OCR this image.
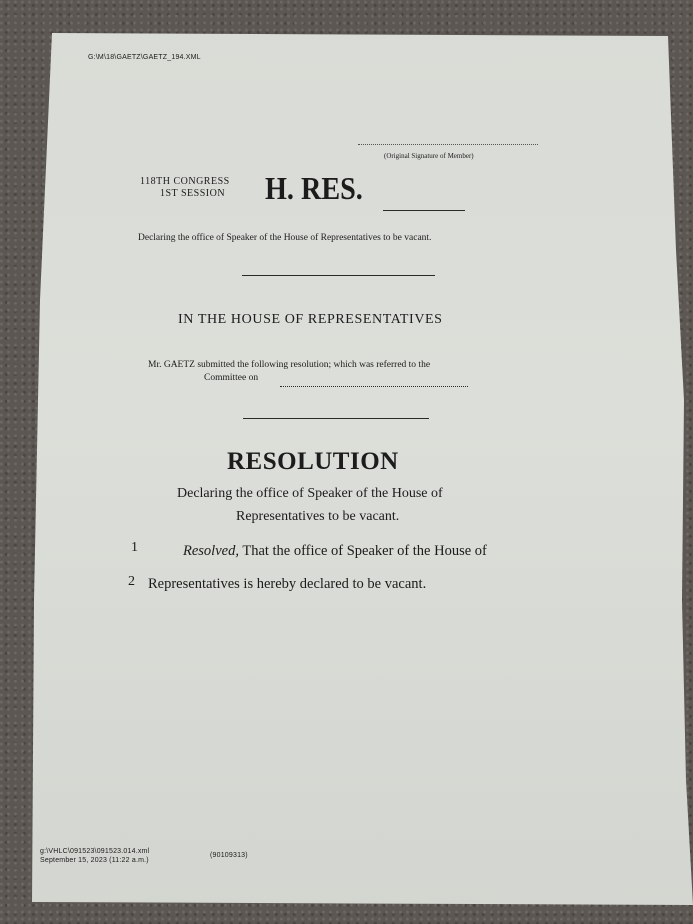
G:\M\18\GAETZ\GAETZ_194.XML
(Original Signature of Member)
118TH CONGRESS
1ST SESSION H. RES.
Declaring the office of Speaker of the House of Representatives to be vacant.
IN THE HOUSE OF REPRESENTATIVES
Mr. GAETZ submitted the following resolution; which was referred to the
Committee on
RESOLUTION
Declaring the office of Speaker of the House of
Representatives to be vacant.
1	Resolved, That the office of Speaker of the House of
2 Representatives is hereby declared to be vacant.
g:\VHLC\091523\091523.014.xml
September 15, 2023 (11:22 a.m.)
(90109313)
